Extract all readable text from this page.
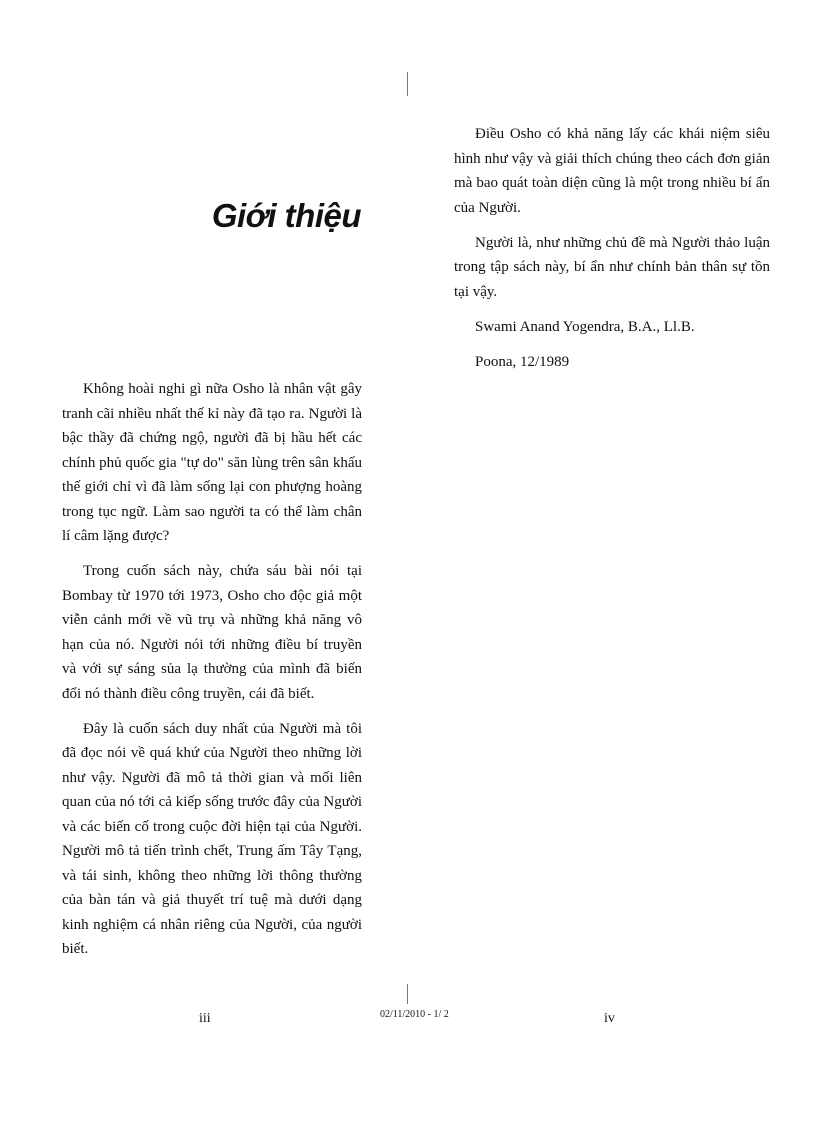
Giới thiệu

Không hoài nghi gì nữa Osho là nhân vật gây tranh cãi nhiều nhất thế kỉ này đã tạo ra. Người là bậc thầy đã chứng ngộ, người đã bị hầu hết các chính phủ quốc gia "tự do" săn lùng trên sân khấu thế giới chỉ vì đã làm sống lại con phượng hoàng trong tục ngữ. Làm sao người ta có thể làm chân lí câm lặng được?

Trong cuốn sách này, chứa sáu bài nói tại Bombay từ 1970 tới 1973, Osho cho độc giả một viễn cảnh mới về vũ trụ và những khả năng vô hạn của nó. Người nói tới những điều bí truyền và với sự sáng sủa lạ thường của mình đã biến đổi nó thành điều công truyền, cái đã biết.

Đây là cuốn sách duy nhất của Người mà tôi đã đọc nói về quá khứ của Người theo những lời như vậy. Người đã mô tả thời gian và mối liên quan của nó tới cả kiếp sống trước đây của Người và các biến cố trong cuộc đời hiện tại của Người. Người mô tả tiến trình chết, Trung ấm Tây Tạng, và tái sinh, không theo những lời thông thường của bàn tán và giả thuyết trí tuệ mà dưới dạng kinh nghiệm cá nhân riêng của Người, của người biết.

iii	iv

Điều Osho có khả năng lấy các khái niệm siêu hình như vậy và giải thích chúng theo cách đơn giản mà bao quát toàn diện cũng là một trong nhiều bí ẩn của Người.

Người là, như những chủ đề mà Người thảo luận trong tập sách này, bí ẩn như chính bản thân sự tồn tại vậy.

Swami Anand Yogendra, B.A., Ll.B.

Poona, 12/1989

02/11/2010 - 1/ 2
